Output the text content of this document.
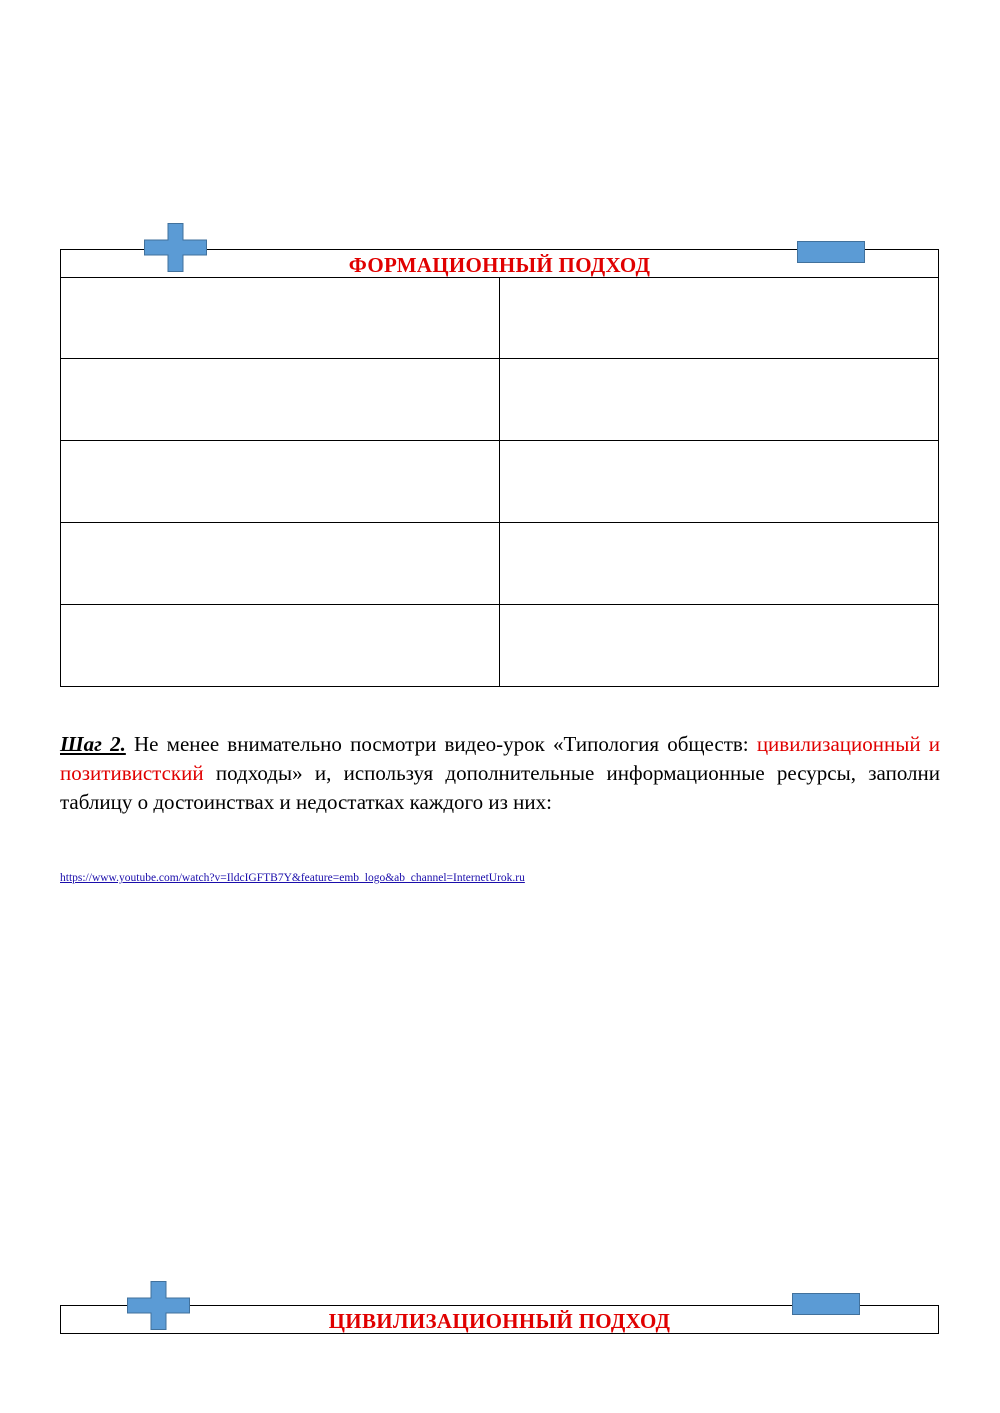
ФОРМАЦИОННЫЙ ПОДХОД
Шаг 2. Не менее внимательно посмотри видео-урок «Типология обществ: цивилизационный и позитивистский подходы» и, используя дополнительные информационные ресурсы, заполни таблицу о достоинствах и недостатках каждого из них:
https://www.youtube.com/watch?v=IldcIGFTB7Y&feature=emb_logo&ab_channel=InternetUrok.ru
ЦИВИЛИЗАЦИОННЫЙ ПОДХОД
